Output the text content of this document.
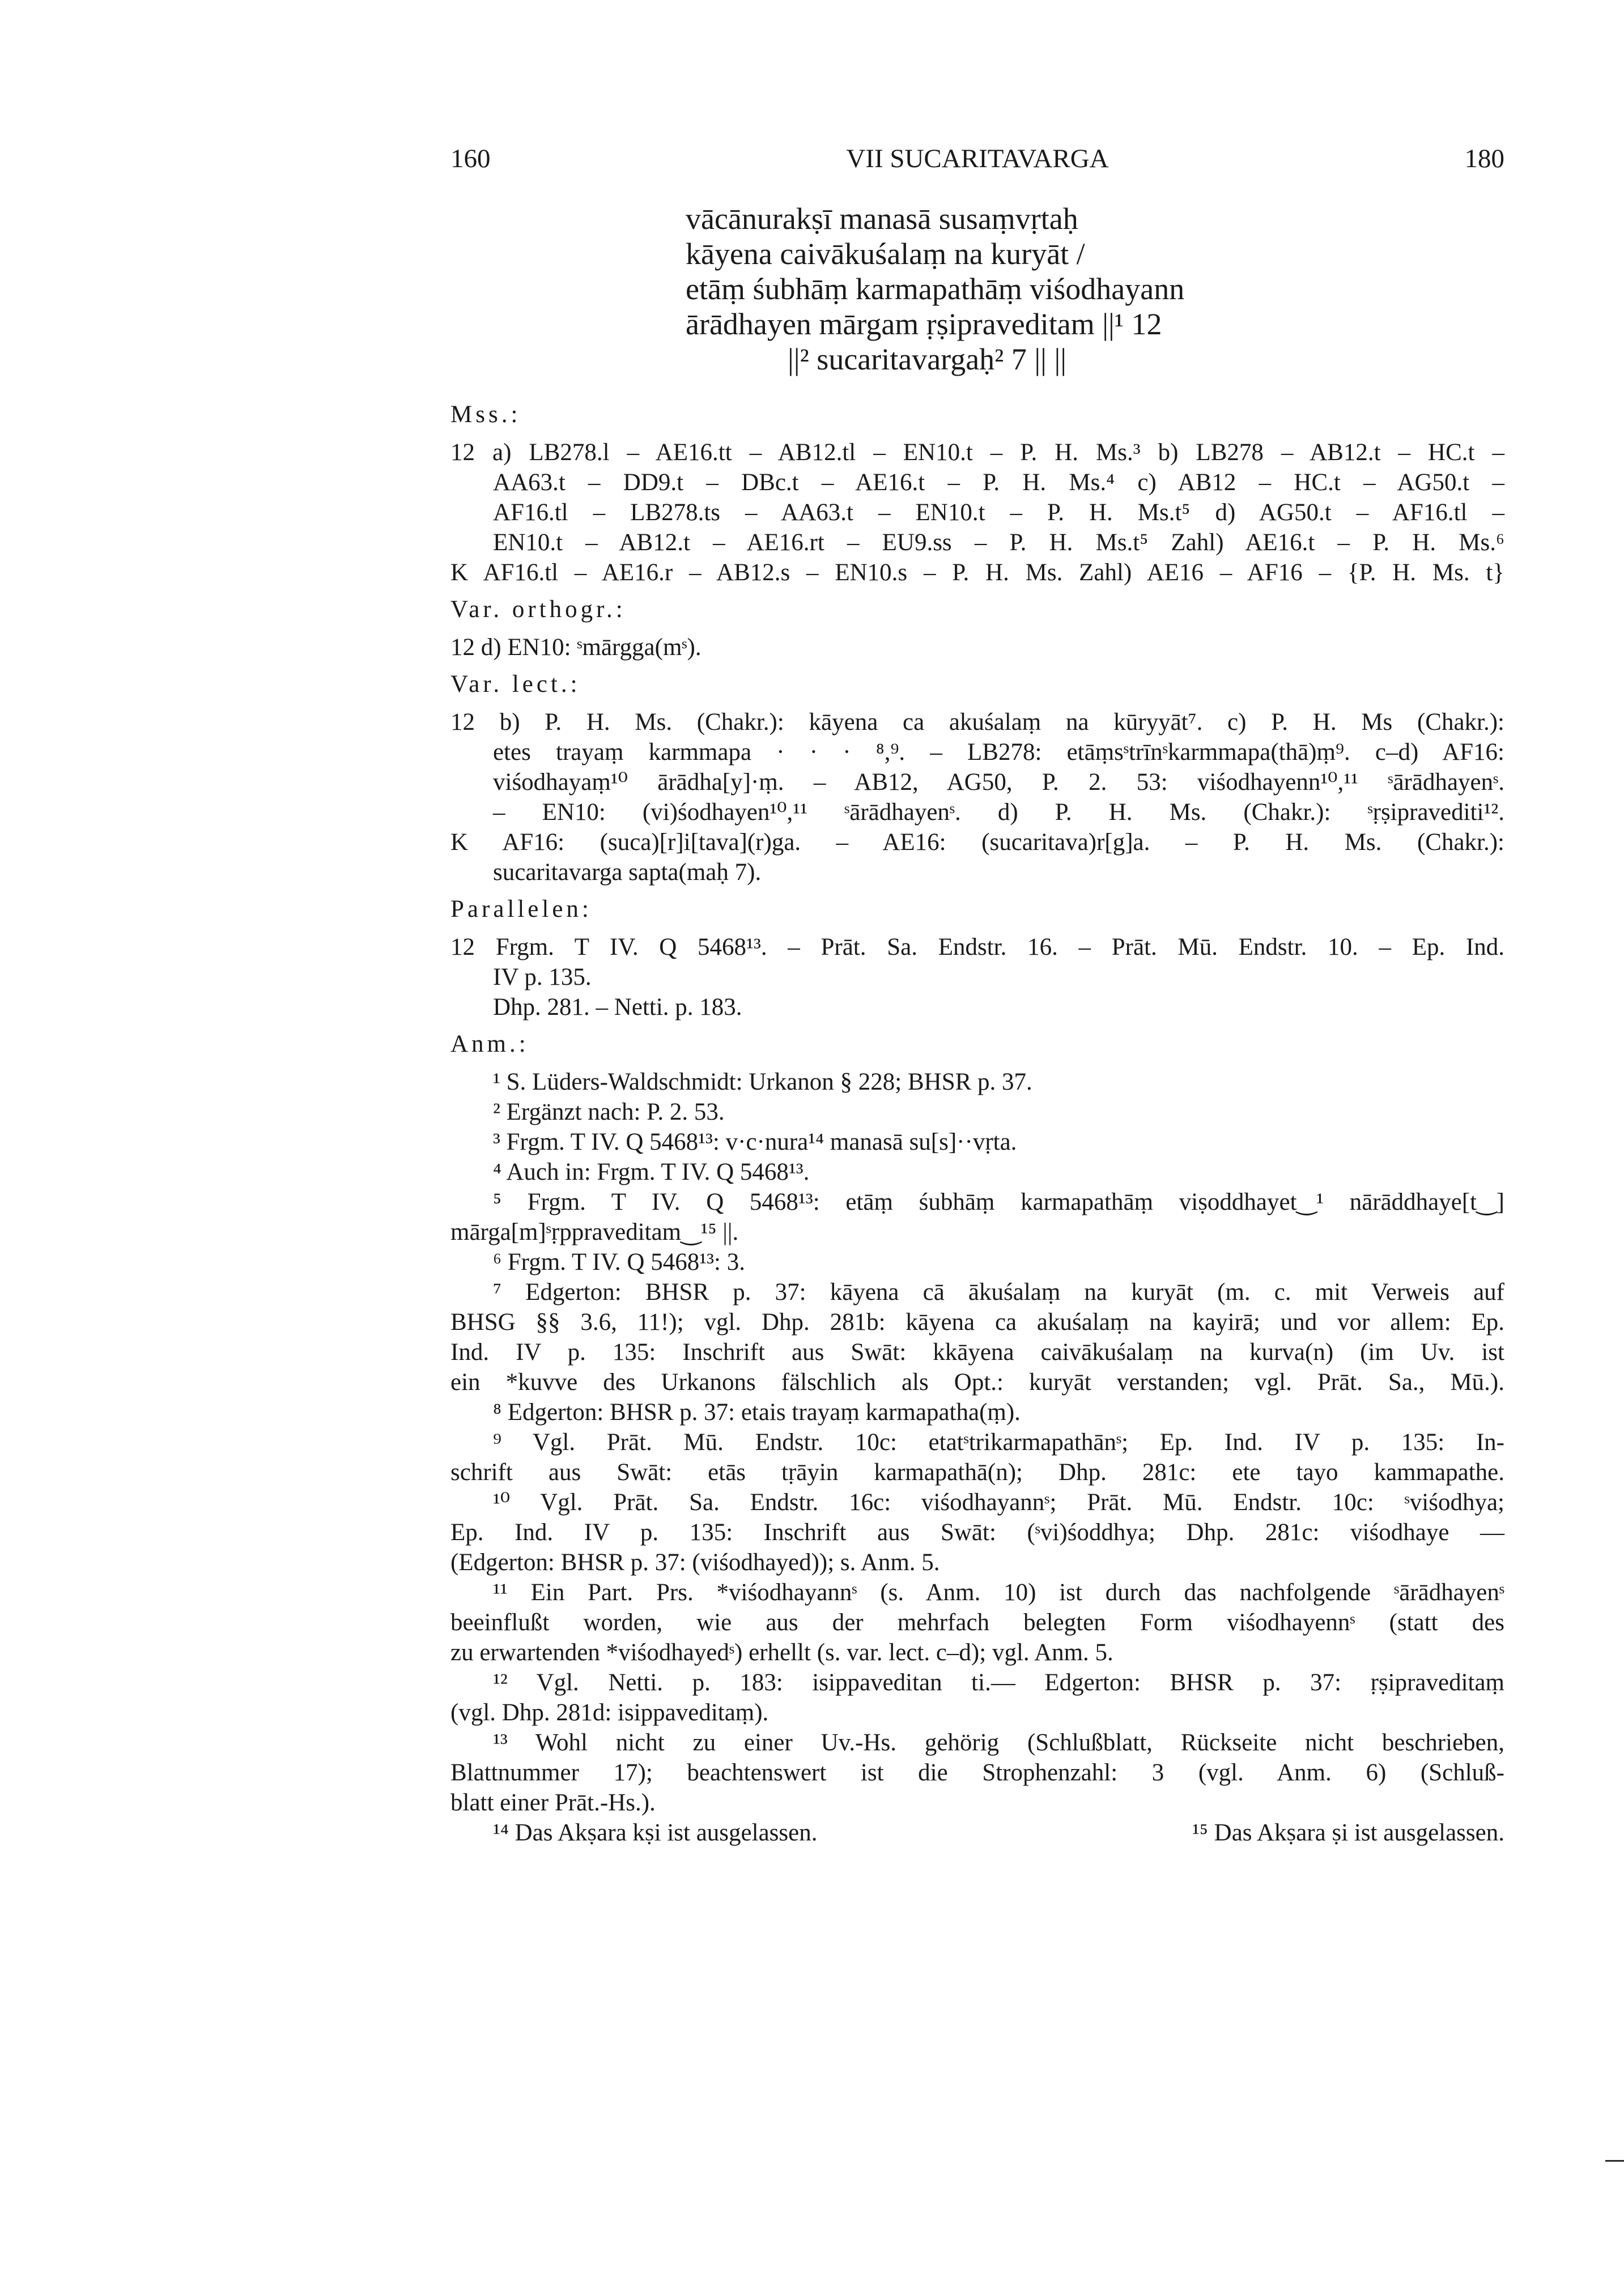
160	VII SUCARITAVARGA	180
vācānurakṣī manasā susaṃvṛtaḥ
kāyena caivākuśalaṃ na kuryāt /
etāṃ śubhāṃ karmapathāṃ viśodhayann
ārādhayen mārgam ṛṣipraveditam ||¹ 12
||² sucaritavargaḥ² 7 || ||
Mss.:
12 a) LB278.l – AE16.tt – AB12.tl – EN10.t – P. H. Ms.³ b) LB278 – AB12.t – HC.t –
AA63.t – DD9.t – DBc.t – AE16.t – P. H. Ms.⁴ c) AB12 – HC.t – AG50.t –
AF16.tl – LB278.ts – AA63.t – EN10.t – P. H. Ms.t⁵ d) AG50.t – AF16.tl –
EN10.t – AB12.t – AE16.rt – EU9.ss – P. H. Ms.t⁵ Zahl) AE16.t – P. H. Ms.⁶
K AF16.tl – AE16.r – AB12.s – EN10.s – P. H. Ms. Zahl) AE16 – AF16 – {P. H. Ms. t}
Var. orthogr.:
12 d) EN10: ˢmārgga(mˢ).
Var. lect.:
12 b) P. H. Ms. (Chakr.): kāyena ca akuśalaṃ na kūryyāt⁷. c) P. H. Ms (Chakr.):
etes trayaṃ karmmapa · · · ⁸,⁹. – LB278: etāṃsˢtrīnˢkarmmapa(thā)ṃ⁹. c–d) AF16:
viśodhayaṃ¹⁰ ārādha[y]·ṃ. – AB12, AG50, P. 2. 53: viśodhayenn¹⁰,¹¹ ˢārādhayenˢ.
– EN10: (vi)śodhayen¹⁰,¹¹ ˢārādhayenˢ. d) P. H. Ms. (Chakr.): ˢṛṣipravediti¹².
K AF16: (suca)[r]i[tava](r)ga. – AE16: (sucaritava)r[g]a. – P. H. Ms. (Chakr.):
sucaritavarga sapta(maḥ 7).
Parallelen:
12 Frgm. T IV. Q 5468¹³. – Prāt. Sa. Endstr. 16. – Prāt. Mū. Endstr. 10. – Ep. Ind.
IV p. 135.
Dhp. 281. – Netti. p. 183.
Anm.:
¹ S. Lüders-Waldschmidt: Urkanon § 228; BHSR p. 37.
² Ergänzt nach: P. 2. 53.
³ Frgm. T IV. Q 5468¹³: v·c·nura¹⁴ manasā su[s]··vṛta.
⁴ Auch in: Frgm. T IV. Q 5468¹³.
⁵ Frgm. T IV. Q 5468¹³: etāṃ śubhāṃ karmapathāṃ viṣoddhayet‿¹ nārāddhaye[t‿]
mārga[m]ˢṛppraveditam‿¹⁵ ||.
⁶ Frgm. T IV. Q 5468¹³: 3.
⁷ Edgerton: BHSR p. 37: kāyena cā ākuśalaṃ na kuryāt (m. c. mit Verweis auf
BHSG §§ 3.6, 11!); vgl. Dhp. 281b: kāyena ca akuśalaṃ na kayirā; und vor allem: Ep.
Ind. IV p. 135: Inschrift aus Swāt: kkāyena caivākuśalaṃ na kurva(n) (im Uv. ist
ein *kuvve des Urkanons fälschlich als Opt.: kuryāt verstanden; vgl. Prāt. Sa., Mū.).
⁸ Edgerton: BHSR p. 37: etais trayaṃ karmapatha(ṃ).
⁹ Vgl. Prāt. Mū. Endstr. 10c: etatˢtrikarmapathānˢ; Ep. Ind. IV p. 135: In-
schrift aus Swāt: etās tṛāyin karmapathā(n); Dhp. 281c: ete tayo kammapathe.
¹⁰ Vgl. Prāt. Sa. Endstr. 16c: viśodhayannˢ; Prāt. Mū. Endstr. 10c: ˢviśodhya;
Ep. Ind. IV p. 135: Inschrift aus Swāt: (ˢvi)śoddhya; Dhp. 281c: viśodhaye —
(Edgerton: BHSR p. 37: (viśodhayed)); s. Anm. 5.
¹¹ Ein Part. Prs. *viśodhayannˢ (s. Anm. 10) ist durch das nachfolgende ˢārādhayenˢ
beeinflußt worden, wie aus der mehrfach belegten Form viśodhayennˢ (statt des
zu erwartenden *viśodhayedˢ) erhellt (s. var. lect. c–d); vgl. Anm. 5.
¹² Vgl. Netti. p. 183: isippaveditan ti.— Edgerton: BHSR p. 37: ṛṣipraveditaṃ
(vgl. Dhp. 281d: isippaveditaṃ).
¹³ Wohl nicht zu einer Uv.-Hs. gehörig (Schlußblatt, Rückseite nicht beschrieben,
Blattnummer 17); beachtenswert ist die Strophenzahl: 3 (vgl. Anm. 6) (Schluß-
blatt einer Prāt.-Hs.).
¹⁴ Das Akṣara kṣi ist ausgelassen.	¹⁵ Das Akṣara ṣi ist ausgelassen.
